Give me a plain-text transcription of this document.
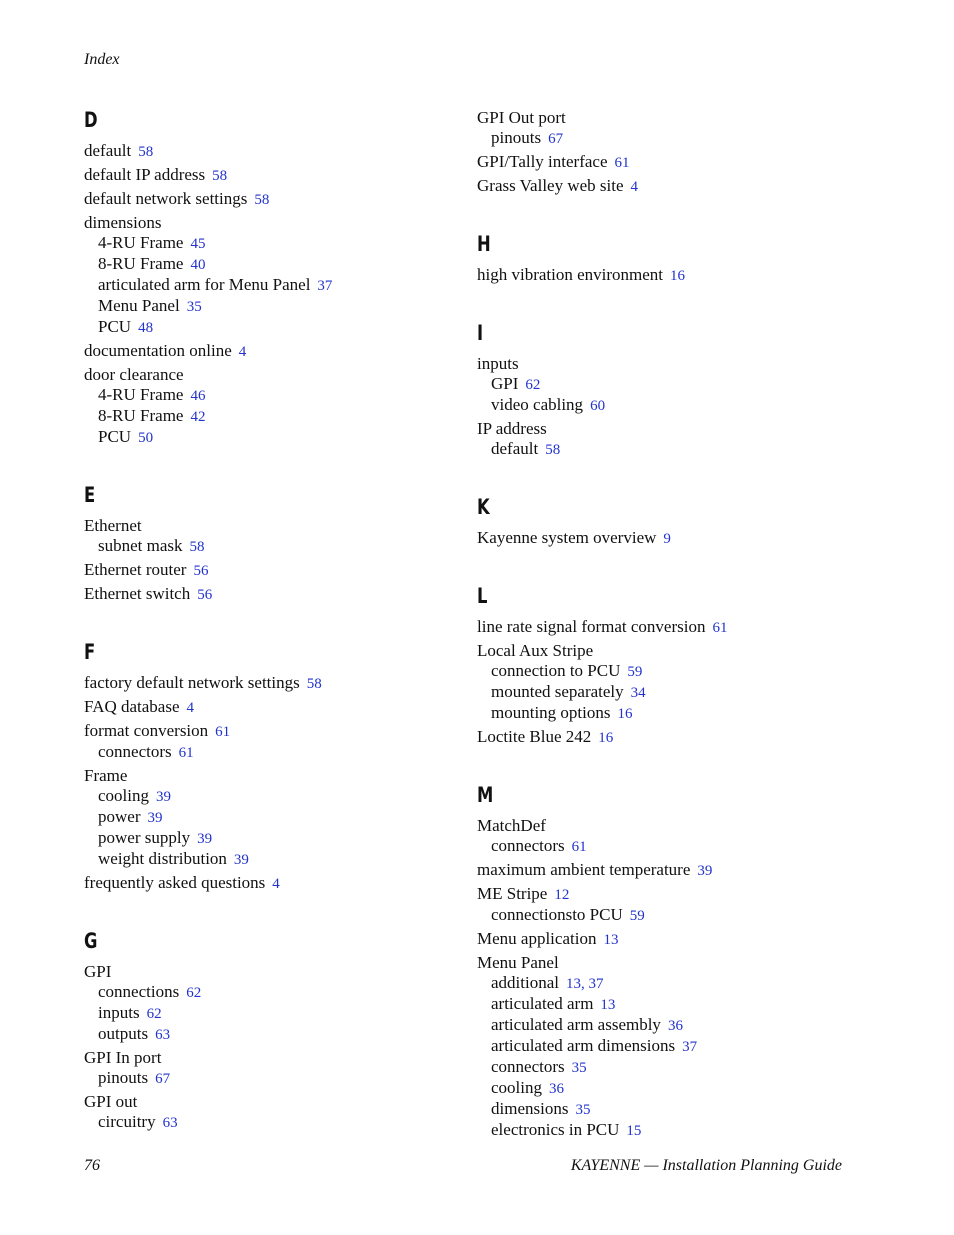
Index
D
default 58
default IP address 58
default network settings 58
dimensions
4-RU Frame 45
8-RU Frame 40
articulated arm for Menu Panel 37
Menu Panel 35
PCU 48
documentation online 4
door clearance
4-RU Frame 46
8-RU Frame 42
PCU 50
E
Ethernet
subnet mask 58
Ethernet router 56
Ethernet switch 56
F
factory default network settings 58
FAQ database 4
format conversion 61
connectors 61
Frame
cooling 39
power 39
power supply 39
weight distribution 39
frequently asked questions 4
G
GPI
connections 62
inputs 62
outputs 63
GPI In port
pinouts 67
GPI out
circuitry 63
GPI Out port
pinouts 67
GPI/Tally interface 61
Grass Valley web site 4
H
high vibration environment 16
I
inputs
GPI 62
video cabling 60
IP address
default 58
K
Kayenne system overview 9
L
line rate signal format conversion 61
Local Aux Stripe
connection to PCU 59
mounted separately 34
mounting options 16
Loctite Blue 242 16
M
MatchDef
connectors 61
maximum ambient temperature 39
ME Stripe 12
connectionsto PCU 59
Menu application 13
Menu Panel
additional 13, 37
articulated arm 13
articulated arm assembly 36
articulated arm dimensions 37
connectors 35
cooling 36
dimensions 35
electronics in PCU 15
76	KAYENNE — Installation Planning Guide
